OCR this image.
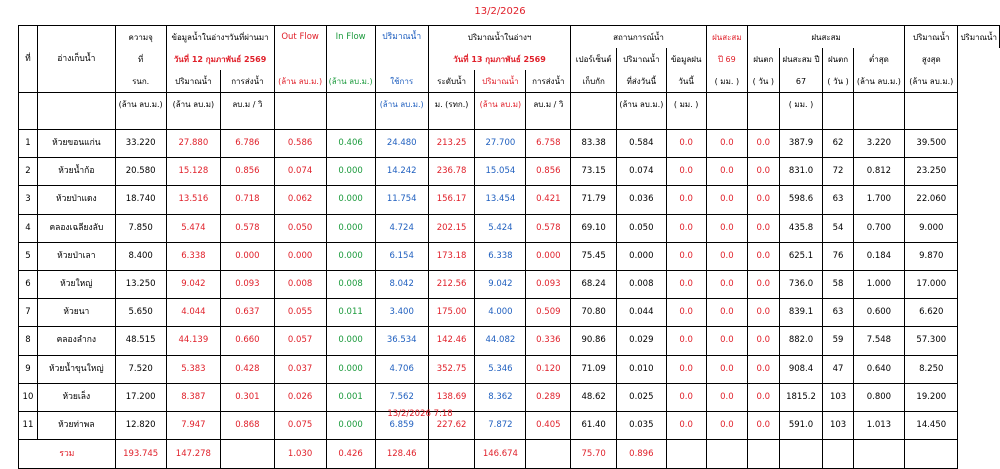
13/2/2026
ที่	อ่างเก็บน้ำ	ความจุ	ข้อมูลน้ำในอ่างฯวันที่ผ่านมา		Out Flow	In Flow	ปริมาณน้ำ	ปริมาณน้ำในอ่างฯ			สถานการณ์น้ำ			ฝนสะสม	ฝนสะสม				ปริมาณน้ำ	ปริมาณน้ำ
		ที่	วันที่ 12 กุมภาพันธ์ 2569					วันที่ 13 กุมภาพันธ์ 2569			เปอร์เซ็นต์	ปริมาณน้ำ	ข้อมูลฝน	ปี 69	ฝนตก	ฝนสะสม ปี	ฝนตก	ต่ำสุด	สูงสุด	
		รนก.	ปริมาณน้ำ	การส่งน้ำ	(ล้าน ลบ.ม.)	(ล้าน ลบ.ม.)	ใช้การ	ระดับน้ำ	ปริมาณน้ำ	การส่งน้ำ	เก็บกัก	ที่ส่งวันนี้	วันนี้	( มม. )	( วัน )	67	( วัน )	(ล้าน ลบ.ม.)	(ล้าน ลบ.ม.)	
		(ล้าน ลบ.ม.)	(ล้าน ลบ.ม)	ลบ.ม / วิ			(ล้าน ลบ.ม.)	ม. (รทก.)	(ล้าน ลบ.ม)	ลบ.ม / วิ		(ล้าน ลบ.ม.)	( มม. )			( มม. )				

1	ห้วยขอนแก่น	33.220	27.880	6.786	0.586	0.406	24.480	213.25	27.700	6.758	83.38	0.584	0.0	0.0	0.0	387.9	62	3.220	39.500	
2	ห้วยน้ำก้อ	20.580	15.128	0.856	0.074	0.000	14.242	236.78	15.054	0.856	73.15	0.074	0.0	0.0	0.0	831.0	72	0.812	23.250	
3	ห้วยป่าแดง	18.740	13.516	0.718	0.062	0.000	11.754	156.17	13.454	0.421	71.79	0.036	0.0	0.0	0.0	598.6	63	1.700	22.060	
4	คลองเฉลียงลับ	7.850	5.474	0.578	0.050	0.000	4.724	202.15	5.424	0.578	69.10	0.050	0.0	0.0	0.0	435.8	54	0.700	9.000	
5	ห้วยป่าเลา	8.400	6.338	0.000	0.000	0.000	6.154	173.18	6.338	0.000	75.45	0.000	0.0	0.0	0.0	625.1	76	0.184	9.870	
6	ห้วยใหญ่	13.250	9.042	0.093	0.008	0.008	8.042	212.56	9.042	0.093	68.24	0.008	0.0	0.0	0.0	736.0	58	1.000	17.000	
7	ห้วยนา	5.650	4.044	0.637	0.055	0.011	3.400	175.00	4.000	0.509	70.80	0.044	0.0	0.0	0.0	839.1	63	0.600	6.620	
8	คลองลำกง	48.515	44.139	0.660	0.057	0.000	36.534	142.46	44.082	0.336	90.86	0.029	0.0	0.0	0.0	882.0	59	7.548	57.300	
9	ห้วยน้ำขุนใหญ่	7.520	5.383	0.428	0.037	0.000	4.706	352.75	5.346	0.120	71.09	0.010	0.0	0.0	0.0	908.4	47	0.640	8.250	
10	ห้วยเล็ง	17.200	8.387	0.301	0.026	0.001	7.562	138.69	8.362	0.289	48.62	0.025	0.0	0.0	0.0	1815.2	103	0.800	19.200	
11	ห้วยท่าพล	12.820	7.947	0.868	0.075	0.000	6.859	227.62	7.872	0.405	61.40	0.035	0.0	0.0	0.0	591.0	103	1.013	14.450	
รวม		193.745	147.278		1.030	0.426	128.46		146.674		75.70	0.896								
13/2/2026 7:18
